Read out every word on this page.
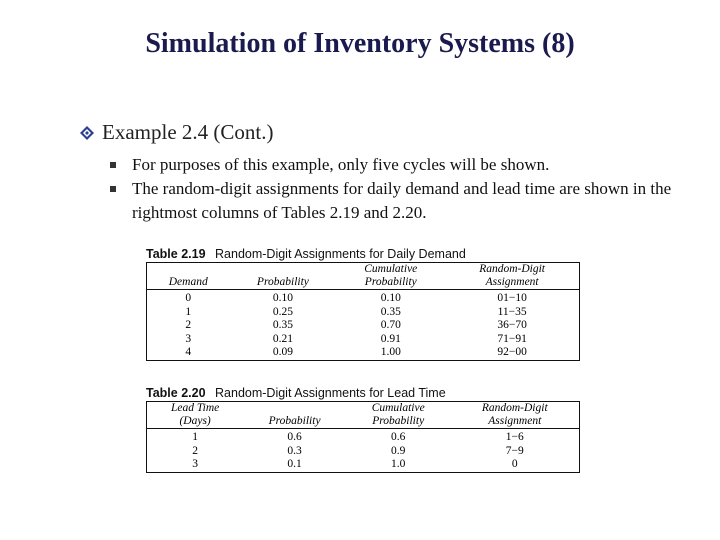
Simulation of Inventory Systems (8)
Example 2.4 (Cont.)
For purposes of this example, only five cycles will be shown.
The random-digit assignments for daily demand and lead time are shown in the rightmost columns of Tables 2.19 and 2.20.
Table 2.19 Random-Digit Assignments for Daily Demand
		Cumulative	Random-Digit
Demand	Probability	Probability	Assignment

0	0.10	0.10	01−10
1	0.25	0.35	11−35
2	0.35	0.70	36−70
3	0.21	0.91	71−91
4	0.09	1.00	92−00
Table 2.20 Random-Digit Assignments for Lead Time
Lead Time		Cumulative	Random-Digit
(Days)	Probability	Probability	Assignment

1	0.6	0.6	1−6
2	0.3	0.9	7−9
3	0.1	1.0	0
